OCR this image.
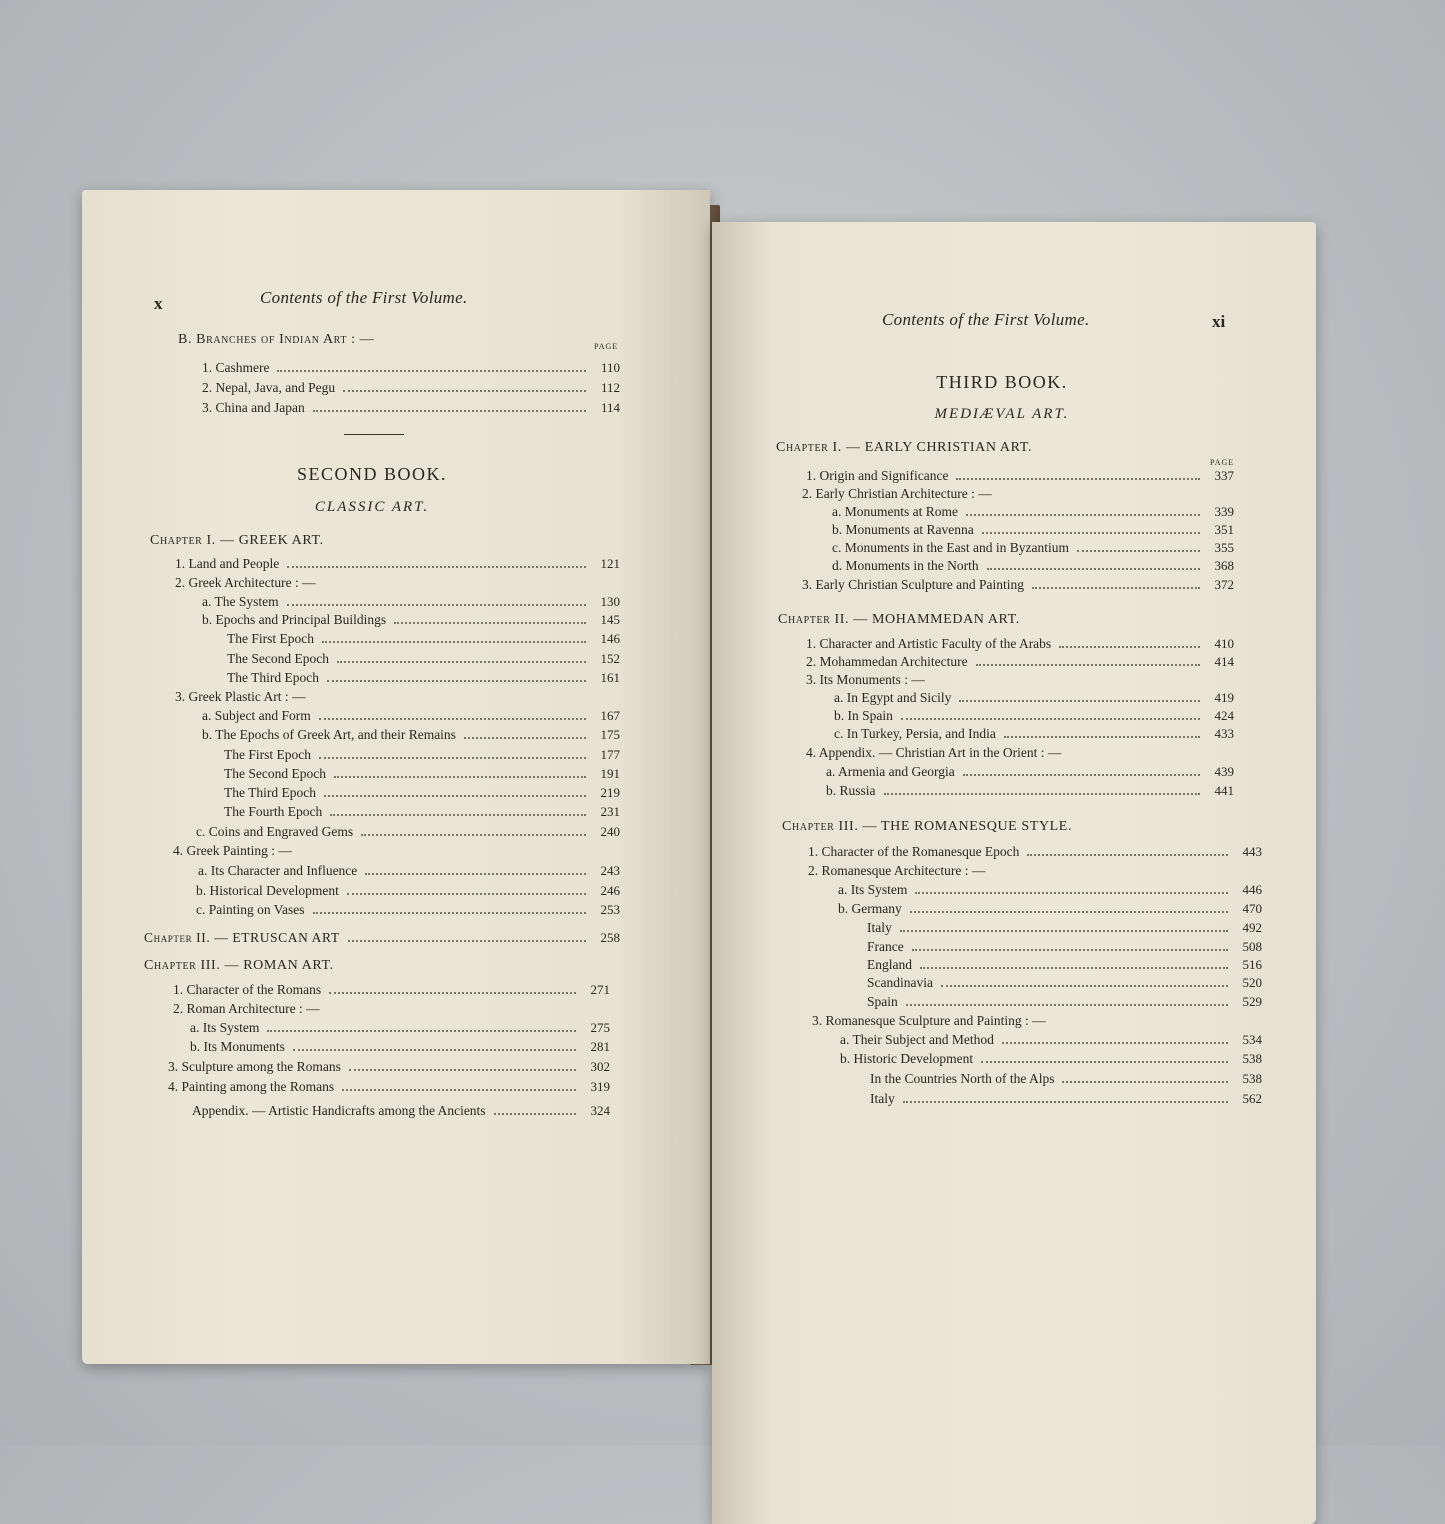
x	Contents of the First Volume.
B. Branches of Indian Art : —	PAGE
1. Cashmere	110
2. Nepal, Java, and Pegu	112
3. China and Japan	114
SECOND BOOK.
CLASSIC ART.
Chapter I. — GREEK ART.
1. Land and People	121
2. Greek Architecture : —
a. The System	130
b. Epochs and Principal Buildings	145
The First Epoch	146
The Second Epoch	152
The Third Epoch	161
3. Greek Plastic Art : —
a. Subject and Form	167
b. The Epochs of Greek Art, and their Remains	175
The First Epoch	177
The Second Epoch	191
The Third Epoch	219
The Fourth Epoch	231
c. Coins and Engraved Gems	240
4. Greek Painting : —
a. Its Character and Influence	243
b. Historical Development	246
c. Painting on Vases	253
Chapter II. — ETRUSCAN ART	258
Chapter III. — ROMAN ART.
1. Character of the Romans	271
2. Roman Architecture : —
a. Its System	275
b. Its Monuments	281
3. Sculpture among the Romans	302
4. Painting among the Romans	319
Appendix. — Artistic Handicrafts among the Ancients	324
Contents of the First Volume.	xi
THIRD BOOK.
MEDIÆVAL ART.
Chapter I. — EARLY CHRISTIAN ART.
PAGE
1. Origin and Significance	337
2. Early Christian Architecture : —
a. Monuments at Rome	339
b. Monuments at Ravenna	351
c. Monuments in the East and in Byzantium	355
d. Monuments in the North	368
3. Early Christian Sculpture and Painting	372
Chapter II. — MOHAMMEDAN ART.
1. Character and Artistic Faculty of the Arabs	410
2. Mohammedan Architecture	414
3. Its Monuments : —
a. In Egypt and Sicily	419
b. In Spain	424
c. In Turkey, Persia, and India	433
4. Appendix. — Christian Art in the Orient : —
a. Armenia and Georgia	439
b. Russia	441
Chapter III. — THE ROMANESQUE STYLE.
1. Character of the Romanesque Epoch	443
2. Romanesque Architecture : —
a. Its System	446
b. Germany	470
Italy	492
France	508
England	516
Scandinavia	520
Spain	529
3. Romanesque Sculpture and Painting : —
a. Their Subject and Method	534
b. Historic Development	538
In the Countries North of the Alps	538
Italy	562
